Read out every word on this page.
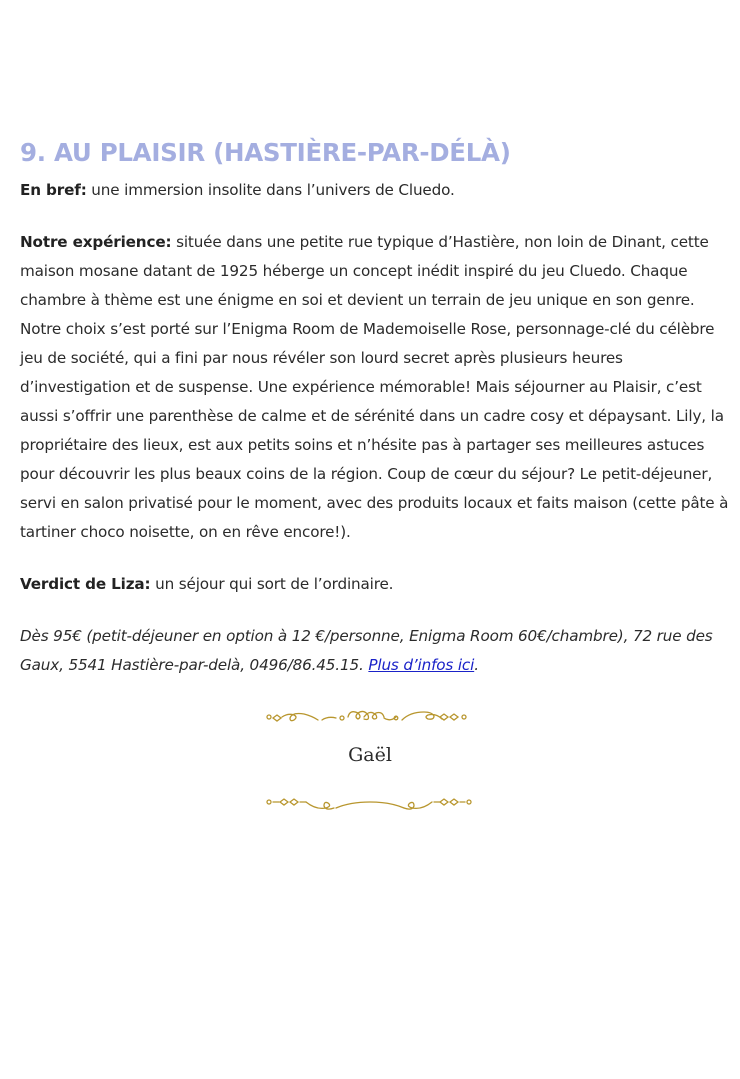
9. AU PLAISIR (HASTIÈRE-PAR-DÉLÀ)

En bref: une immersion insolite dans l’univers de Cluedo.

Notre expérience: située dans une petite rue typique d’Hastière, non loin de Dinant, cette maison mosane datant de 1925 héberge un concept inédit inspiré du jeu Cluedo. Chaque chambre à thème est une énigme en soi et devient un terrain de jeu unique en son genre. Notre choix s’est porté sur l’Enigma Room de Mademoiselle Rose, personnage-clé du célèbre jeu de société, qui a fini par nous révéler son lourd secret après plusieurs heures d’investigation et de suspense. Une expérience mémorable! Mais séjourner au Plaisir, c’est aussi s’offrir une parenthèse de calme et de sérénité dans un cadre cosy et dépaysant. Lily, la propriétaire des lieux, est aux petits soins et n’hésite pas à partager ses meilleures astuces pour découvrir les plus beaux coins de la région. Coup de cœur du séjour? Le petit-déjeuner, servi en salon privatisé pour le moment, avec des produits locaux et faits maison (cette pâte à tartiner choco noisette, on en rêve encore!).

Verdict de Liza: un séjour qui sort de l’ordinaire.

Dès 95€ (petit-déjeuner en option à 12 €/personne, Enigma Room 60€/chambre), 72 rue des Gaux, 5541 Hastière-par-delà, 0496/86.45.15. Plus d’infos ici.

Gaël
